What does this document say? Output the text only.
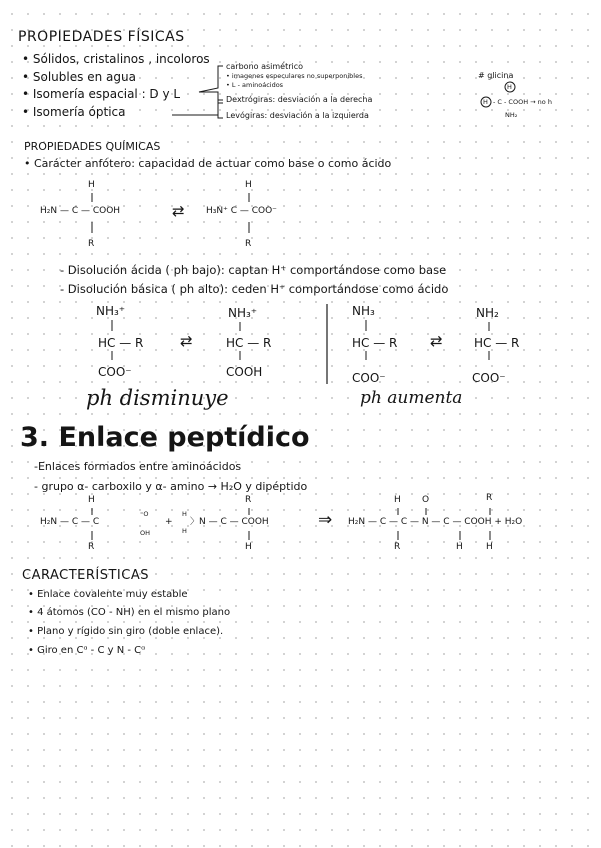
PROPIEDADES FÍSICAS
• Sólidos, cristalinos , incoloros
• Solubles en agua
• Isomería espacial : D y L
• Isomería óptica
carbono asimétrico
• imagenes especulares no superponibles
• L - aminoácidos
Dextrógiras: desviación a la derecha
Levógiras: desviación a la izquierda
# glicina
H
H - C - COOH → no h
NH₂
PROPIEDADES QUÍMICAS
• Carácter anfótero: capacidad de actuar como base o como ácido
H
H₂N — C — COOH	⇄ H₃N⁺ C — COO⁻
R
H
R
- Disolución ácida ( ph bajo): captan H⁺ comportándose como base
- Disolución básica ( ph alto): ceden H⁺ comportándose como ácido
NH₃⁺
HC — R
COO⁻
⇄
NH₃⁺
HC — R
COOH
ph disminuye
NH₃
HC — R
COO⁻
⇄
NH₂
HC — R
COO⁻
ph aumenta
3. Enlace peptídico
-Enlaces formados entre aminoácidos
- grupo α- carboxilo y α- amino → H₂O y dipéptido
H
H₂N — C — C
⁼O
OH
R
+
H
H
〉N — C — COOH
R
H
⇒
H O	R
H₂N — C — C — N — C — COOH + H₂O
R	H	H
CARACTERÍSTICAS
• Enlace covalente muy estable
• 4 átomos (CO - NH) en el mismo plano
• Plano y rígido sin giro (doble enlace).
• Giro en Cᵅ - C y N - Cᵅ
